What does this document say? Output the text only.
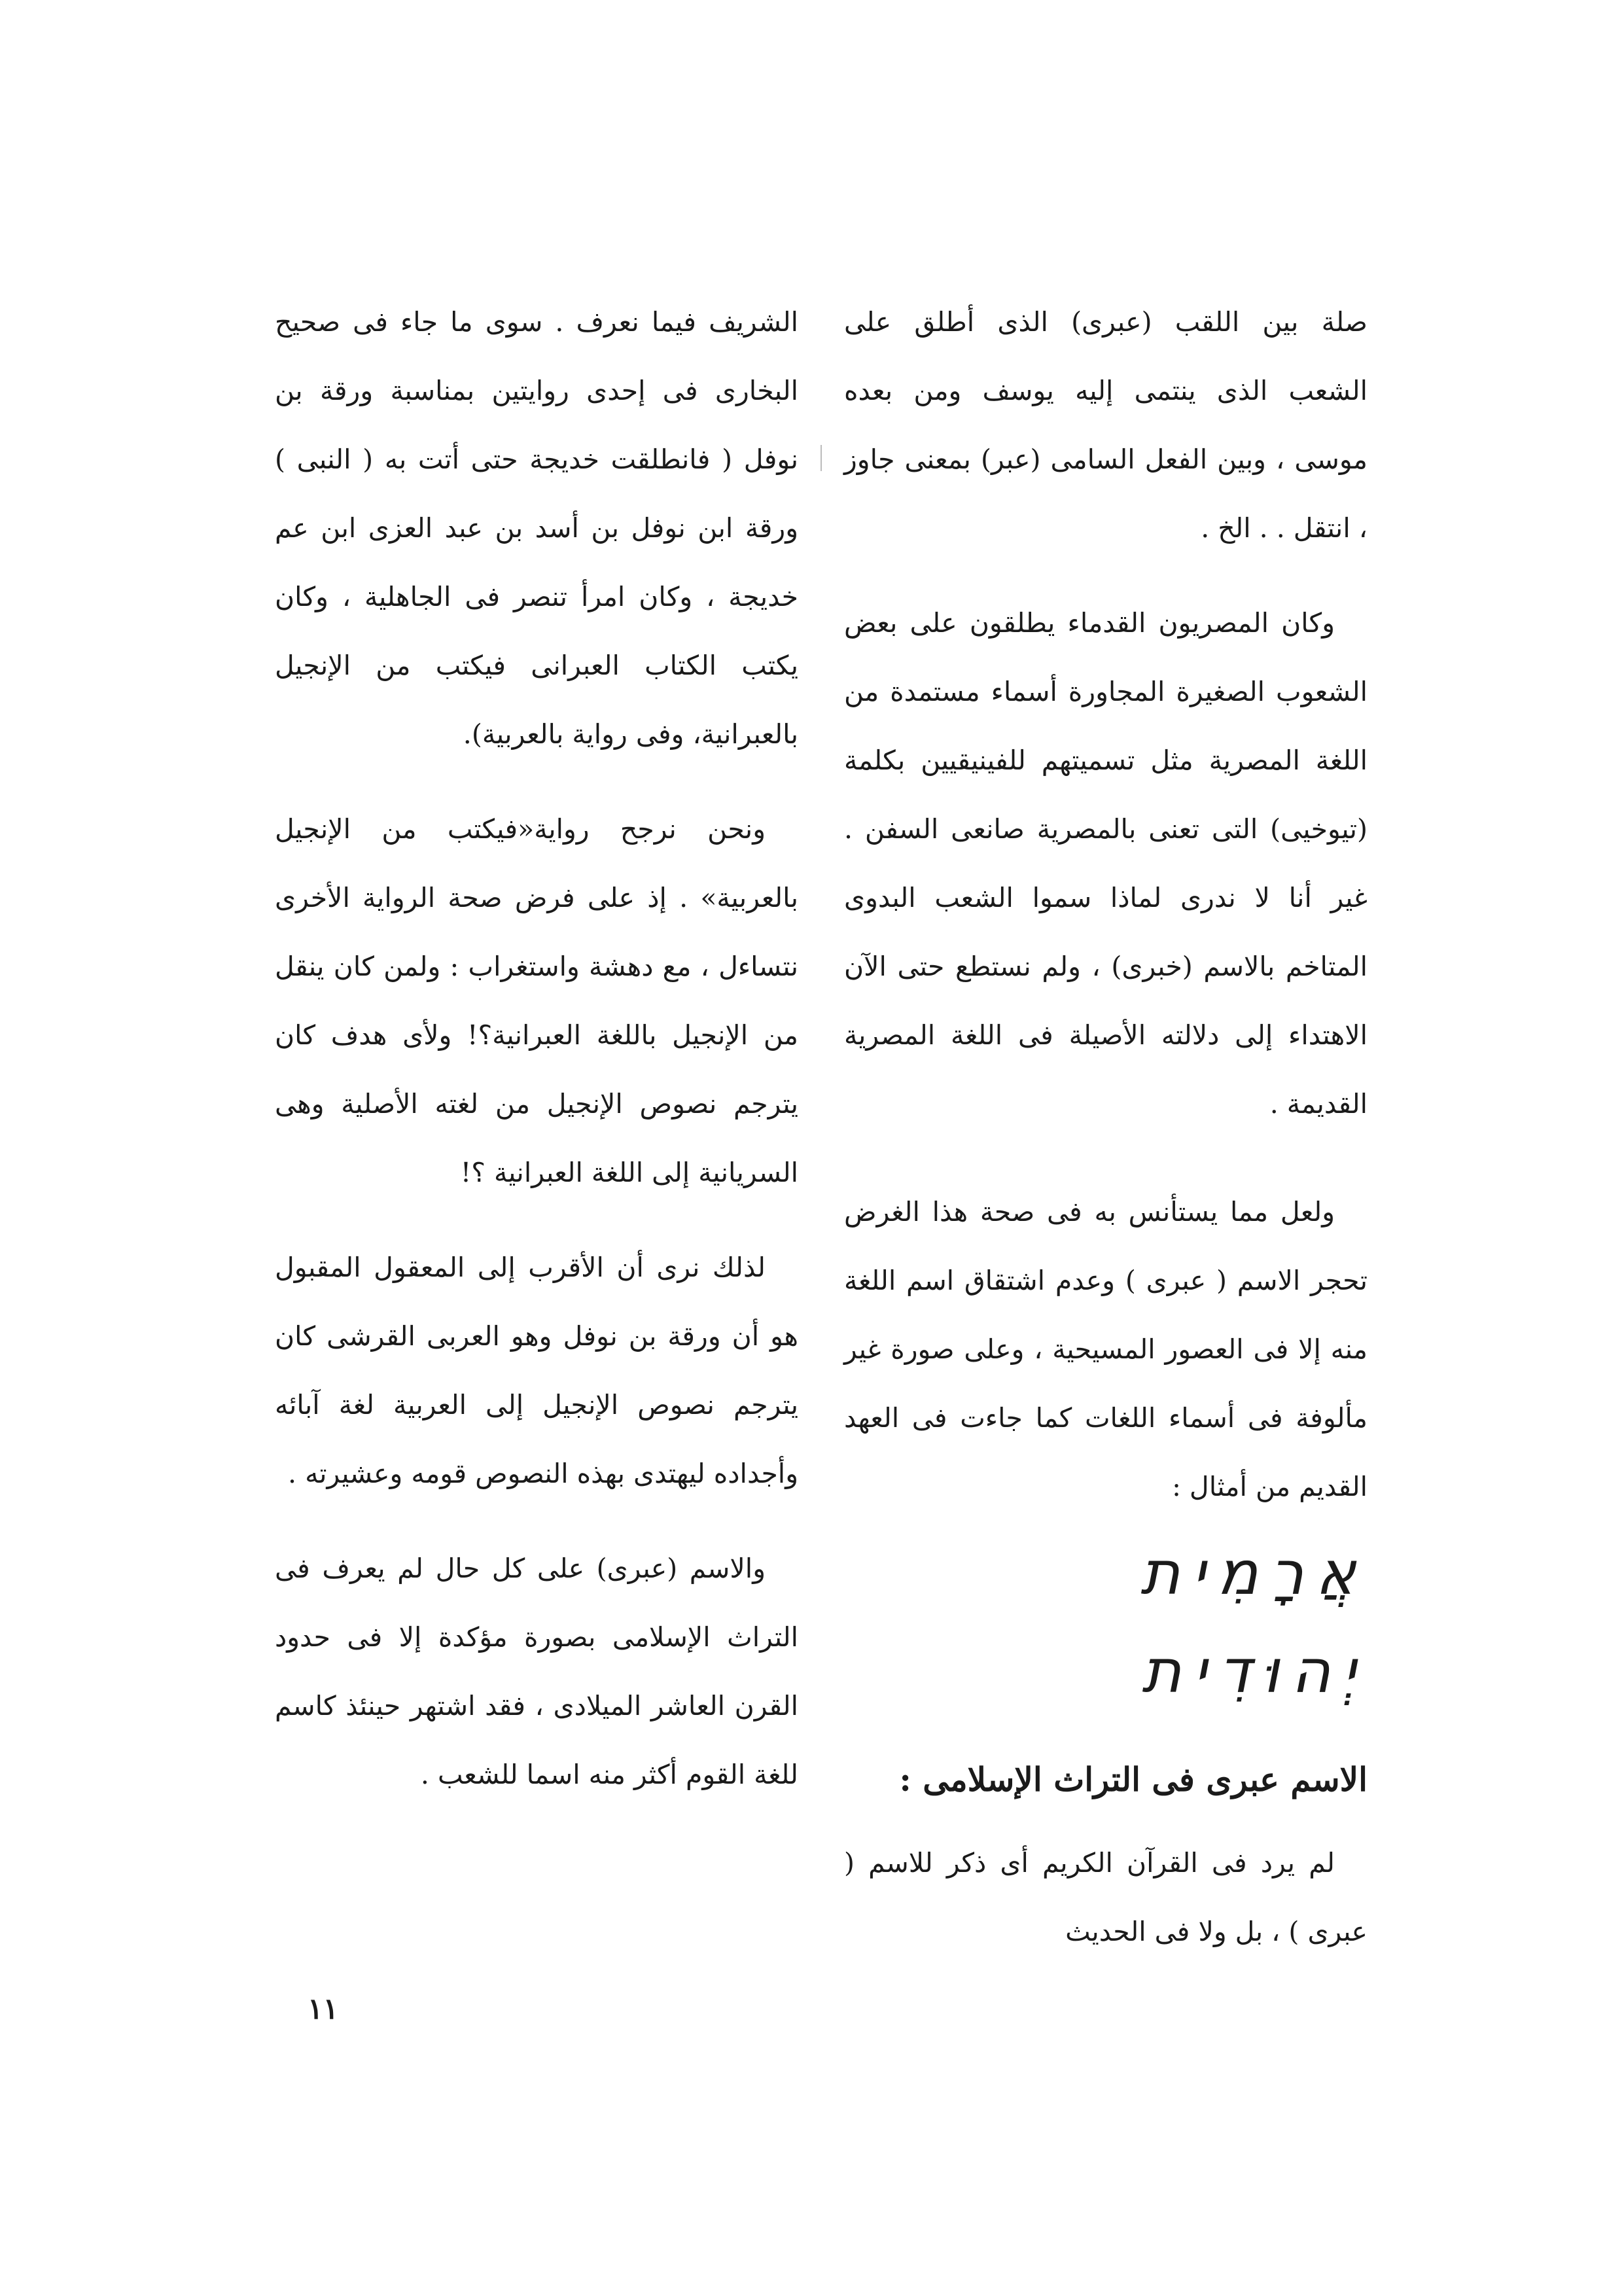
صلة بين اللقب (عبرى) الذى أطلق على الشعب الذى ينتمى إليه يوسف ومن بعده موسى ، وبين الفعل السامى (عبر) بمعنى جاوز ، انتقل . . الخ .

وكان المصريون القدماء يطلقون على بعض الشعوب الصغيرة المجاورة أسماء مستمدة من اللغة المصرية مثل تسميتهم للفينيقيين بكلمة (تيوخيى) التى تعنى بالمصرية صانعى السفن . غير أنا لا ندرى لماذا سموا الشعب البدوى المتاخم بالاسم (خبرى) ، ولم نستطع حتى الآن الاهتداء إلى دلالته الأصيلة فى اللغة المصرية القديمة .

ولعل مما يستأنس به فى صحة هذا الغرض تحجر الاسم ( عبرى ) وعدم اشتقاق اسم اللغة منه إلا فى العصور المسيحية ، وعلى صورة غير مألوفة فى أسماء اللغات كما جاءت فى العهد القديم من أمثال :

אֲרָמִית
יְהוּדִית
الاسم عبرى فى التراث الإسلامى :

لم يرد فى القرآن الكريم أى ذكر للاسم ( عبرى ) ، بل ولا فى الحديث

الشريف فيما نعرف . سوى ما جاء فى صحيح البخارى فى إحدى روايتين بمناسبة ورقة بن نوفل ( فانطلقت خديجة حتى أتت به ( النبى ) ورقة ابن نوفل بن أسد بن عبد العزى ابن عم خديجة ، وكان امرأ تنصر فى الجاهلية ، وكان يكتب الكتاب العبرانى فيكتب من الإنجيل بالعبرانية، وفى رواية بالعربية).

ونحن نرجح رواية«فيكتب من الإنجيل بالعربية» . إذ على فرض صحة الرواية الأخرى نتساءل ، مع دهشة واستغراب : ولمن كان ينقل من الإنجيل باللغة العبرانية؟! ولأى هدف كان يترجم نصوص الإنجيل من لغته الأصلية وهى السريانية إلى اللغة العبرانية ؟!

لذلك نرى أن الأقرب إلى المعقول المقبول هو أن ورقة بن نوفل وهو العربى القرشى كان يترجم نصوص الإنجيل إلى العربية لغة آبائه وأجداده ليهتدى بهذه النصوص قومه وعشيرته .

والاسم (عبرى) على كل حال لم يعرف فى التراث الإسلامى بصورة مؤكدة إلا فى حدود القرن العاشر الميلادى ، فقد اشتهر حينئذ كاسم للغة القوم أكثر منه اسما للشعب .

١١
